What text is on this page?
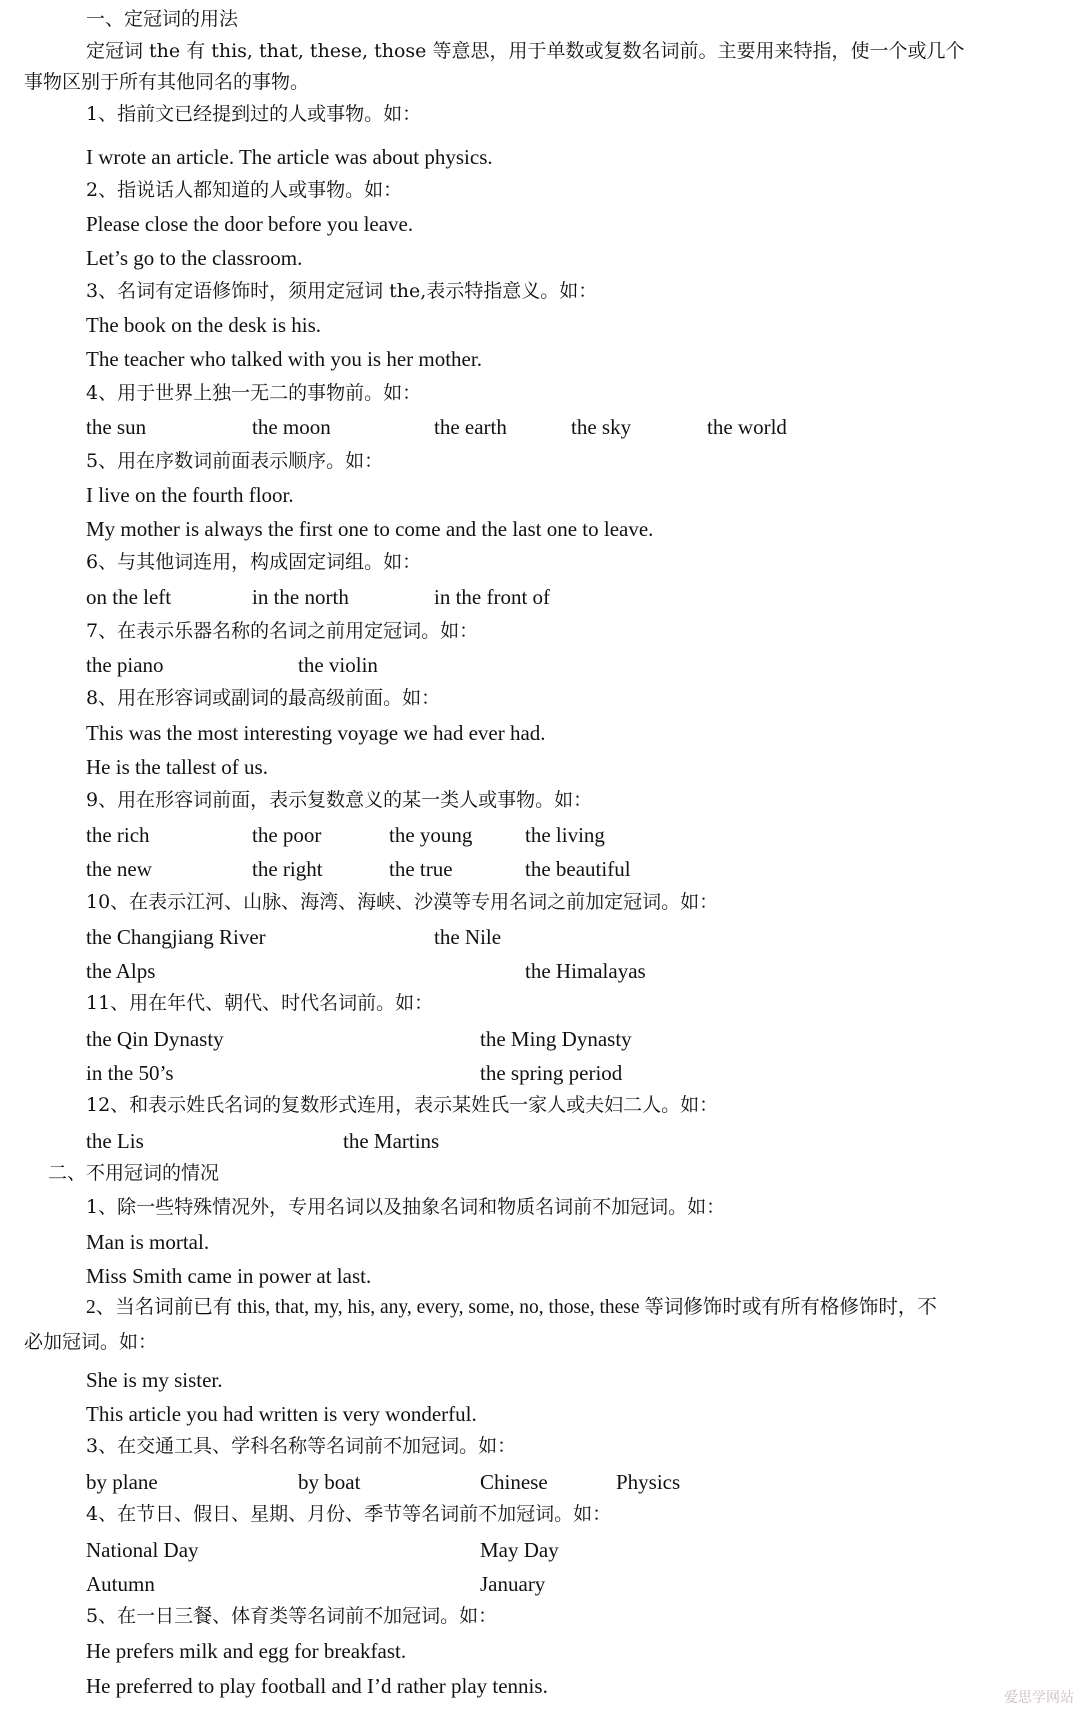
一、定冠词的用法
定冠词 the 有 this, that, these, those 等意思，用于单数或复数名词前。主要用来特指，使一个或几个
事物区别于所有其他同名的事物。
1、指前文已经提到过的人或事物。如：
I wrote an article. The article was about physics.
2、指说话人都知道的人或事物。如：
Please close the door before you leave.
Let’s go to the classroom.
3、名词有定语修饰时，须用定冠词 the,表示特指意义。如：
The book on the desk is his.
The teacher who talked with you is her mother.
4、用于世界上独一无二的事物前。如：
the sun	the moon	the earth	the sky	the world
5、用在序数词前面表示顺序。如：
I live on the fourth floor.
My mother is always the first one to come and the last one to leave.
6、与其他词连用，构成固定词组。如：
on the left	in the north	in the front of
7、在表示乐器名称的名词之前用定冠词。如：
the piano	the violin
8、用在形容词或副词的最高级前面。如：
This was the most interesting voyage we had ever had.
He is the tallest of us.
9、用在形容词前面，表示复数意义的某一类人或事物。如：
the rich	the poor	the young	the living
the new	the right	the true	the beautiful
10、在表示江河、山脉、海湾、海峡、沙漠等专用名词之前加定冠词。如：
the Changjiang River	the Nile
the Alps	the Himalayas
11、用在年代、朝代、时代名词前。如：
the Qin Dynasty	the Ming Dynasty
in the 50’s	the spring period
12、和表示姓氏名词的复数形式连用，表示某姓氏一家人或夫妇二人。如：
the Lis	the Martins
二、不用冠词的情况
1、除一些特殊情况外，专用名词以及抽象名词和物质名词前不加冠词。如：
Man is mortal.
Miss Smith came in power at last.
2、当名词前已有 this, that, my, his, any, every, some, no, those, these 等词修饰时或有所有格修饰时，不
必加冠词。如：
She is my sister.
This article you had written is very wonderful.
3、在交通工具、学科名称等名词前不加冠词。如：
by plane	by boat	Chinese	Physics
4、在节日、假日、星期、月份、季节等名词前不加冠词。如：
National Day	May Day
Autumn	January
5、在一日三餐、体育类等名词前不加冠词。如：
He prefers milk and egg for breakfast.
He preferred to play football and I’d rather play tennis.	爱思学网站
